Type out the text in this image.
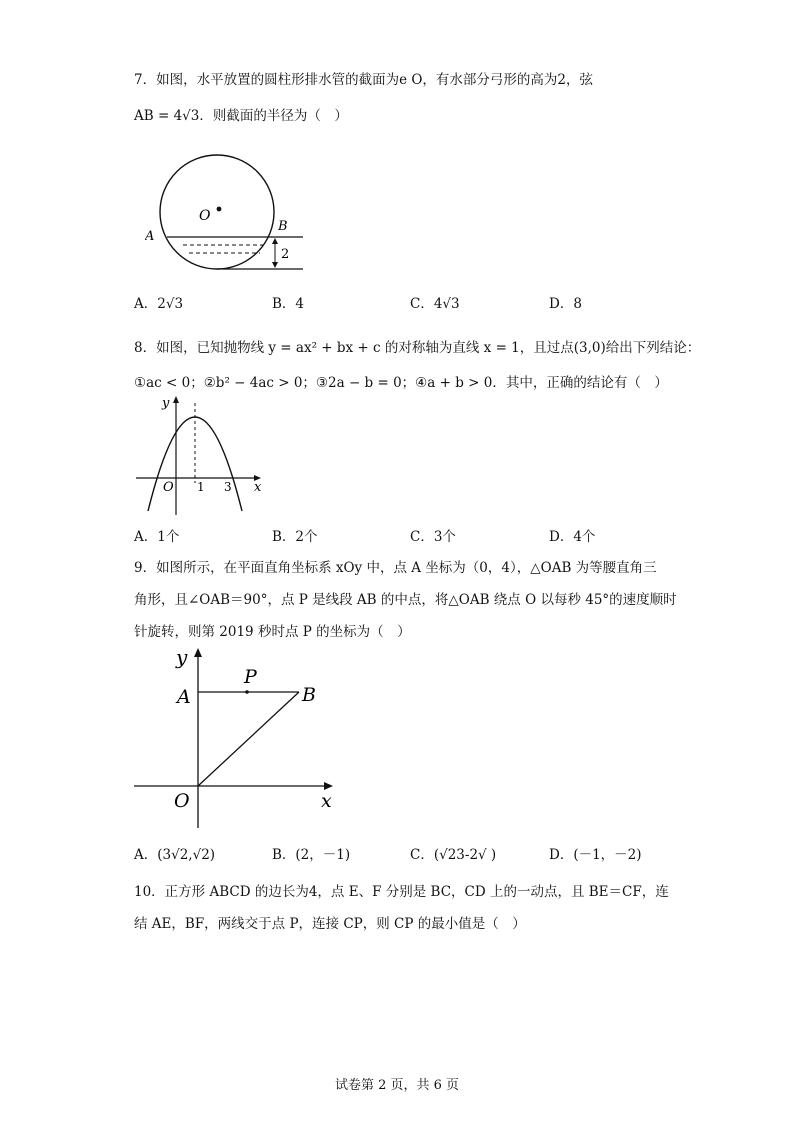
7．如图，水平放置的圆柱形排水管的截面为e O，有水部分弓形的高为2，弦
AB = 4√3．则截面的半径为（　）
O
A
B
2
A．2√3	B．4	C．4√3	D．8
8．如图，已知抛物线 y = ax² + bx + c 的对称轴为直线 x = 1，且过点(3,0)给出下列结论：
①ac < 0；②b² − 4ac > 0；③2a − b = 0；④a + b > 0．其中，正确的结论有（　）
y
x
O 1 3
A．1个	B．2个	C．3个	D．4个
9．如图所示，在平面直角坐标系 xOy 中，点 A 坐标为（0，4），△OAB 为等腰直角三
角形，且∠OAB＝90°，点 P 是线段 AB 的中点，将△OAB 绕点 O 以每秒 45°的速度顺时
针旋转，则第 2019 秒时点 P 的坐标为（　）
y
A
P
B
O	x
A．(3√2,√2)	B．(2，－1)	C．(√23-2√ )	D．(－1，－2)
10．正方形 ABCD 的边长为4，点 E、F 分别是 BC，CD 上的一动点，且 BE＝CF，连
结 AE，BF，两线交于点 P，连接 CP，则 CP 的最小值是（　）
试卷第 2 页，共 6 页
